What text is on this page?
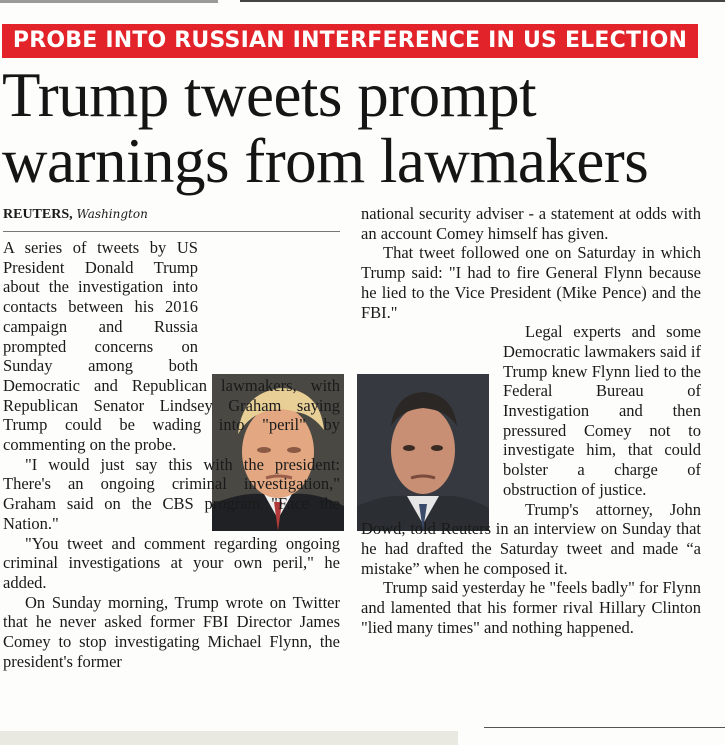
PROBE INTO RUSSIAN INTERFERENCE IN US ELECTION
Trump tweets prompt warnings from lawmakers
REUTERS, Washington

A series of tweets by US President Donald Trump about the investigation into contacts between his 2016 campaign and Russia prompted concerns on Sunday among both Democratic and Republican lawmakers, with Republican Senator Lindsey Graham saying Trump could be wading into "peril" by commenting on the probe.

"I would just say this with the president: There's an ongoing criminal investigation," Graham said on the CBS program "Face the Nation."

"You tweet and comment regarding ongoing criminal investigations at your own peril," he added.

On Sunday morning, Trump wrote on Twitter that he never asked former FBI Director James Comey to stop investigating Michael Flynn, the president's former

national security adviser - a statement at odds with an account Comey himself has given.

That tweet followed one on Saturday in which Trump said: "I had to fire General Flynn because he lied to the Vice President (Mike Pence) and the FBI."

Legal experts and some Democratic lawmakers said if Trump knew Flynn lied to the Federal Bureau of Investigation and then pressured Comey not to investigate him, that could bolster a charge of obstruction of justice.

Trump's attorney, John Dowd, told Reuters in an interview on Sunday that he had drafted the Saturday tweet and made “a mistake” when he composed it.

Trump said yesterday he "feels badly" for Flynn and lamented that his former rival Hillary Clinton "lied many times" and nothing happened.
